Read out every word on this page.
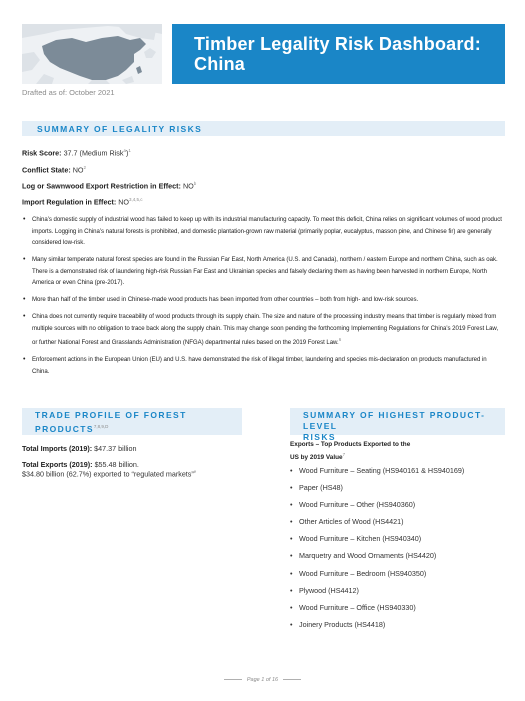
Timber Legality Risk Dashboard:
China
Drafted as of: October 2021
SUMMARY OF LEGALITY RISKS
Risk Score: 37.7 (Medium Risk$^a$)$^1$
Conflict State: $NO^2$
Log or Sawnwood Export Restriction in Effect: $NO^b$
Import Regulation in Effect: NO$^{3,4,5,c}$
• China’s domestic supply of industrial wood has failed to keep up with its industrial manufacturing capacity. To meet this deficit, China relies on significant volumes of wood product imports. Logging in China’s natural forests is prohibited, and domestic plantation-grown raw material (primarily poplar, eucalyptus, masson pine, and Chinese fir) are generally considered low-risk.
• Many similar temperate natural forest species are found in the Russian Far East, North America (U.S. and Canada), northern / eastern Europe and northern China, such as oak. There is a demonstrated risk of laundering high-risk Russian Far East and Ukrainian species and falsely declaring them as having been harvested in northern Europe, North America or even China (pre-2017).
• More than half of the timber used in Chinese-made wood products has been imported from other countries – both from high- and low-risk sources.
• China does not currently require traceability of wood products through its supply chain. The size and nature of the processing industry means that timber is regularly mixed from multiple sources with no obligation to trace back along the supply chain. This may change soon pending the forthcoming Implementing Regulations for China’s 2019 Forest Law, or further National Forest and Grasslands Administration (NFGA) departmental rules based on the 2019 Forest Law.$^6$
• Enforcement actions in the European Union (EU) and U.S. have demonstrated the risk of illegal timber, laundering and species mis-declaration on products manufactured in China.
TRADE PROFILE OF FOREST
$PRODUCTS^{7,8,9,D}$
Total Imports (2019): $47.37 billion
Total Exports (2019): $55.48 billion.
$34.80 billion (62.7%) exported to “regulated markets”$^e$
SUMMARY OF HIGHEST PRODUCT-LEVEL
RISKS
Exports – Top Products Exported to the
US by 2019 Value$^7$
• Wood Furniture – Seating (HS940161 & HS940169)
• Paper (HS48)
• Wood Furniture – Other (HS940360)
• Other Articles of Wood (HS4421)
• Wood Furniture – Kitchen (HS940340)
• Marquetry and Wood Ornaments (HS4420)
• Wood Furniture – Bedroom (HS940350)
• Plywood (HS4412)
• Wood Furniture – Office (HS940330)
• Joinery Products (HS4418)
Page 1 of 16
